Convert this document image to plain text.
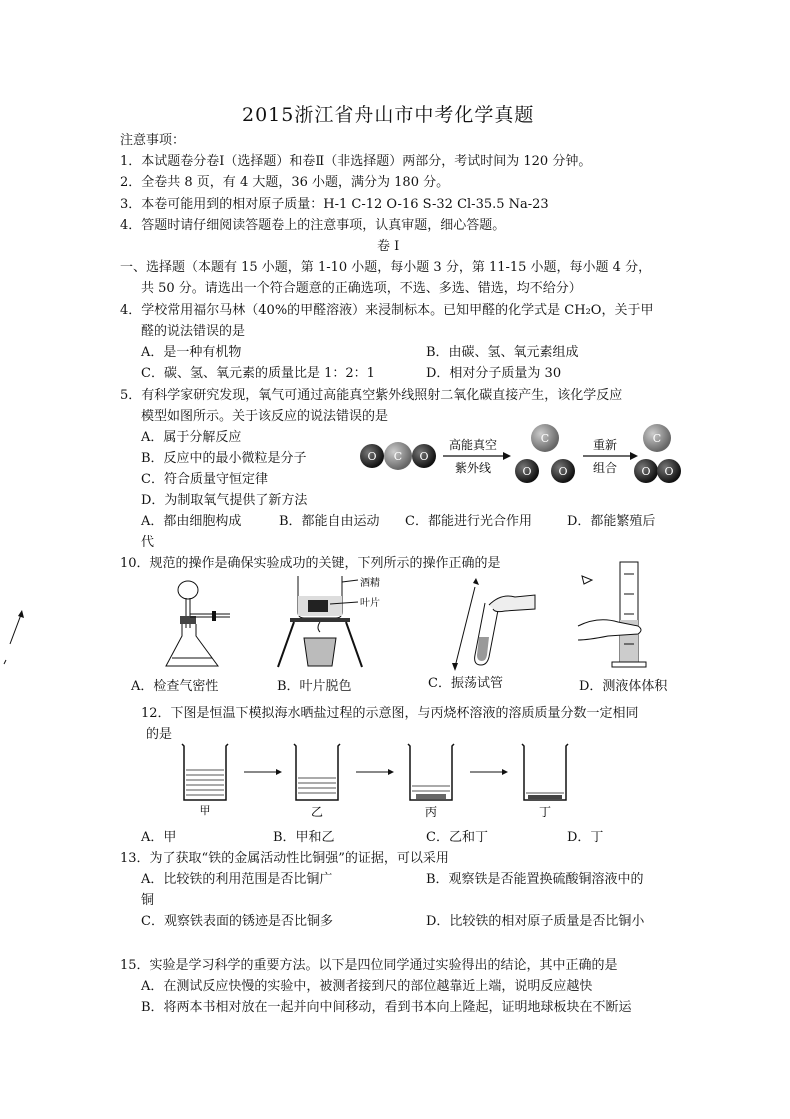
2015浙江省舟山市中考化学真题
注意事项：
1．本试题卷分卷Ⅰ（选择题）和卷Ⅱ（非选择题）两部分，考试时间为 120 分钟。
2．全卷共 8 页，有 4 大题，36 小题，满分为 180 分。
3．本卷可能用到的相对原子质量：H-1 C-12 O-16 S-32 Cl-35.5 Na-23
4．答题时请仔细阅读答题卷上的注意事项，认真审题，细心答题。
卷 Ⅰ
一、选择题（本题有 15 小题，第 1-10 小题，每小题 3 分，第 11-15 小题，每小题 4 分，
共 50 分。请选出一个符合题意的正确选项，不选、多选、错选，均不给分）
4．学校常用福尔马林（40%的甲醛溶液）来浸制标本。已知甲醛的化学式是 CH₂O，关于甲
醛的说法错误的是
A．是一种有机物	B．由碳、氢、氧元素组成
C．碳、氢、氧元素的质量比是 1：2：1	D．相对分子质量为 30
5．有科学家研究发现，氧气可通过高能真空紫外线照射二氧化碳直接产生，该化学反应
模型如图所示。关于该反应的说法错误的是
A．属于分解反应
B．反应中的最小微粒是分子
C．符合质量守恒定律
D．为制取氧气提供了新方法
O C O
高能真空
紫外线
C
O O
重新
组合
C
O O
A．都由细胞构成	B．都能自由运动 C．都能进行光合作用	D．都能繁殖后
代
10．规范的操作是确保实验成功的关键，下列所示的操作正确的是
A．检查气密性
酒精
叶片
B．叶片脱色	C．振荡试管	D．测液体体积
12．下图是恒温下模拟海水晒盐过程的示意图，与丙烧杯溶液的溶质质量分数一定相同
的是
甲	乙	丙	丁
A．甲	B．甲和乙	C．乙和丁	D．丁
13．为了获取“铁的金属活动性比铜强”的证据，可以采用
A．比较铁的利用范围是否比铜广	B．观察铁是否能置换硫酸铜溶液中的
铜
C．观察铁表面的锈迹是否比铜多	D．比较铁的相对原子质量是否比铜小
15．实验是学习科学的重要方法。以下是四位同学通过实验得出的结论，其中正确的是
A．在测试反应快慢的实验中，被测者接到尺的部位越靠近上端，说明反应越快
B．将两本书相对放在一起并向中间移动，看到书本向上隆起，证明地球板块在不断运
